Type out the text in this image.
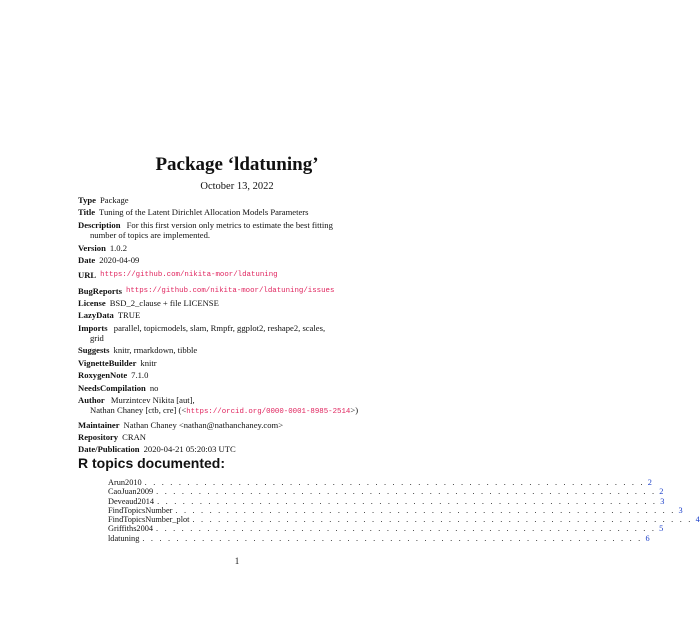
Package ‘ldatuning’
October 13, 2022
Type Package
Title Tuning of the Latent Dirichlet Allocation Models Parameters
Description For this first version only metrics to estimate the best fitting
number of topics are implemented.
Version 1.0.2
Date 2020-04-09
URL https://github.com/nikita-moor/ldatuning
BugReports https://github.com/nikita-moor/ldatuning/issues
License BSD_2_clause + file LICENSE
LazyData TRUE
Imports parallel, topicmodels, slam, Rmpfr, ggplot2, reshape2, scales,
grid
Suggests knitr, rmarkdown, tibble
VignetteBuilder knitr
RoxygenNote 7.1.0
NeedsCompilation no
Author Murzintcev Nikita [aut],
Nathan Chaney [ctb, cre] (<https://orcid.org/0000-0001-8985-2514>)
Maintainer Nathan Chaney <nathan@nathanchaney.com>
Repository CRAN
Date/Publication 2020-04-21 05:20:03 UTC
R topics documented:
Arun2010 . . . . . . . . . . . . . . . . . . . . . . . . . . . . . . . . . . . . . . . . . . . . . . . . . . . . . . . . . . . 2
CaoJuan2009 . . . . . . . . . . . . . . . . . . . . . . . . . . . . . . . . . . . . . . . . . . . . . . . . . . . . . . . . . . . 2
Deveaud2014 . . . . . . . . . . . . . . . . . . . . . . . . . . . . . . . . . . . . . . . . . . . . . . . . . . . . . . . . . . . 3
FindTopicsNumber . . . . . . . . . . . . . . . . . . . . . . . . . . . . . . . . . . . . . . . . . . . . . . . . . . . . . . . . . . . 3
FindTopicsNumber_plot . . . . . . . . . . . . . . . . . . . . . . . . . . . . . . . . . . . . . . . . . . . . . . . . . . . . . . . . . . . 4
Griffiths2004 . . . . . . . . . . . . . . . . . . . . . . . . . . . . . . . . . . . . . . . . . . . . . . . . . . . . . . . . . . . 5
ldatuning . . . . . . . . . . . . . . . . . . . . . . . . . . . . . . . . . . . . . . . . . . . . . . . . . . . . . . . . . . . 6
1
